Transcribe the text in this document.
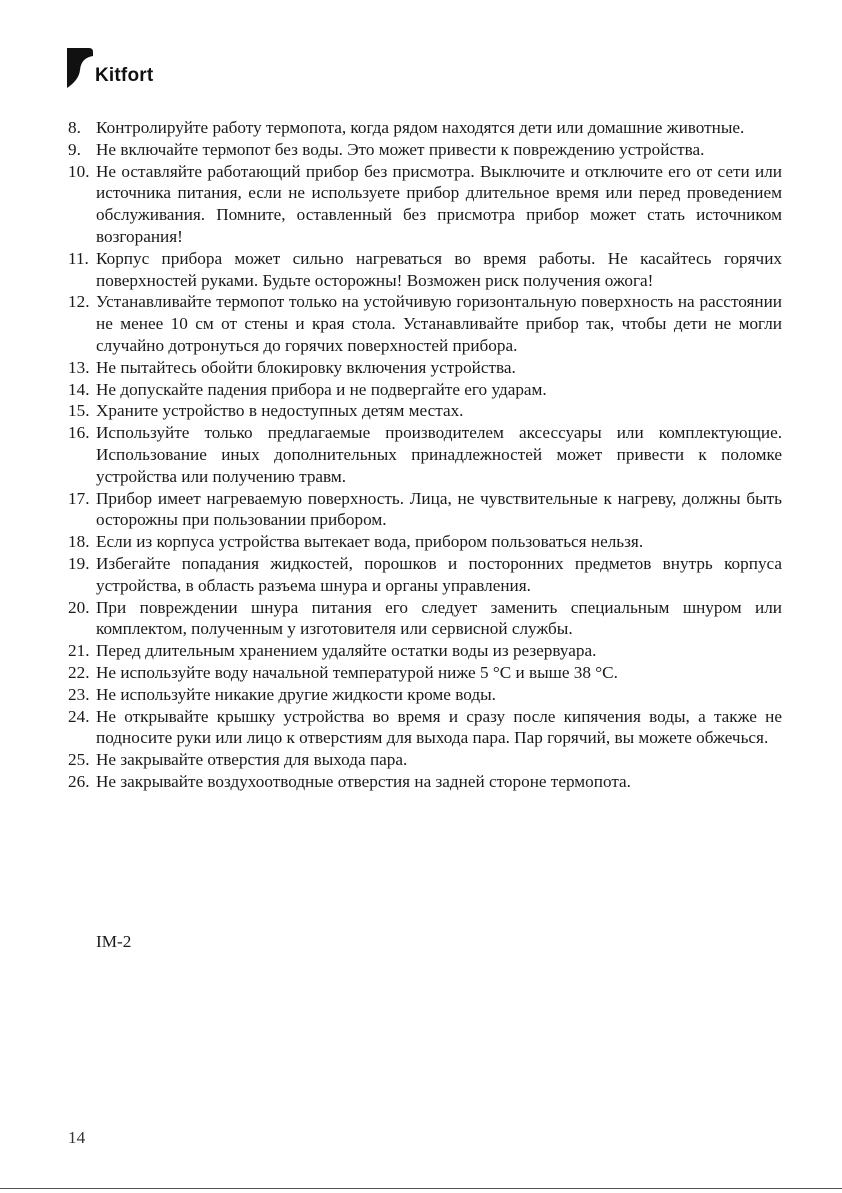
Kitfort
8. Контролируйте работу термопота, когда рядом находятся дети или домашние животные.
9. Не включайте термопот без воды. Это может привести к повреждению устройства.
10. Не оставляйте работающий прибор без присмотра. Выключите и отключите его от сети или источника питания, если не используете прибор длительное время или перед проведением обслуживания. Помните, оставленный без присмотра прибор может стать источником возгорания!
11. Корпус прибора может сильно нагреваться во время работы. Не касайтесь горячих поверхностей руками. Будьте осторожны! Возможен риск получения ожога!
12. Устанавливайте термопот только на устойчивую горизонтальную поверхность на расстоянии не менее 10 см от стены и края стола. Устанавливайте прибор так, чтобы дети не могли случайно дотронуться до горячих поверхностей прибора.
13. Не пытайтесь обойти блокировку включения устройства.
14. Не допускайте падения прибора и не подвергайте его ударам.
15. Храните устройство в недоступных детям местах.
16. Используйте только предлагаемые производителем аксессуары или комплектующие. Использование иных дополнительных принадлежностей может привести к поломке устройства или получению травм.
17. Прибор имеет нагреваемую поверхность. Лица, не чувствительные к нагреву, должны быть осторожны при пользовании прибором.
18. Если из корпуса устройства вытекает вода, прибором пользоваться нельзя.
19. Избегайте попадания жидкостей, порошков и посторонних предметов внутрь корпуса устройства, в область разъема шнура и органы управления.
20. При повреждении шнура питания его следует заменить специальным шнуром или комплектом, полученным у изготовителя или сервисной службы.
21. Перед длительным хранением удаляйте остатки воды из резервуара.
22. Не используйте воду начальной температурой ниже 5 °C и выше 38 °C.
23. Не используйте никакие другие жидкости кроме воды.
24. Не открывайте крышку устройства во время и сразу после кипячения воды, а также не подносите руки или лицо к отверстиям для выхода пара. Пар горячий, вы можете обжечься.
25. Не закрывайте отверстия для выхода пара.
26. Не закрывайте воздухоотводные отверстия на задней стороне термопота.
IM-2
14
